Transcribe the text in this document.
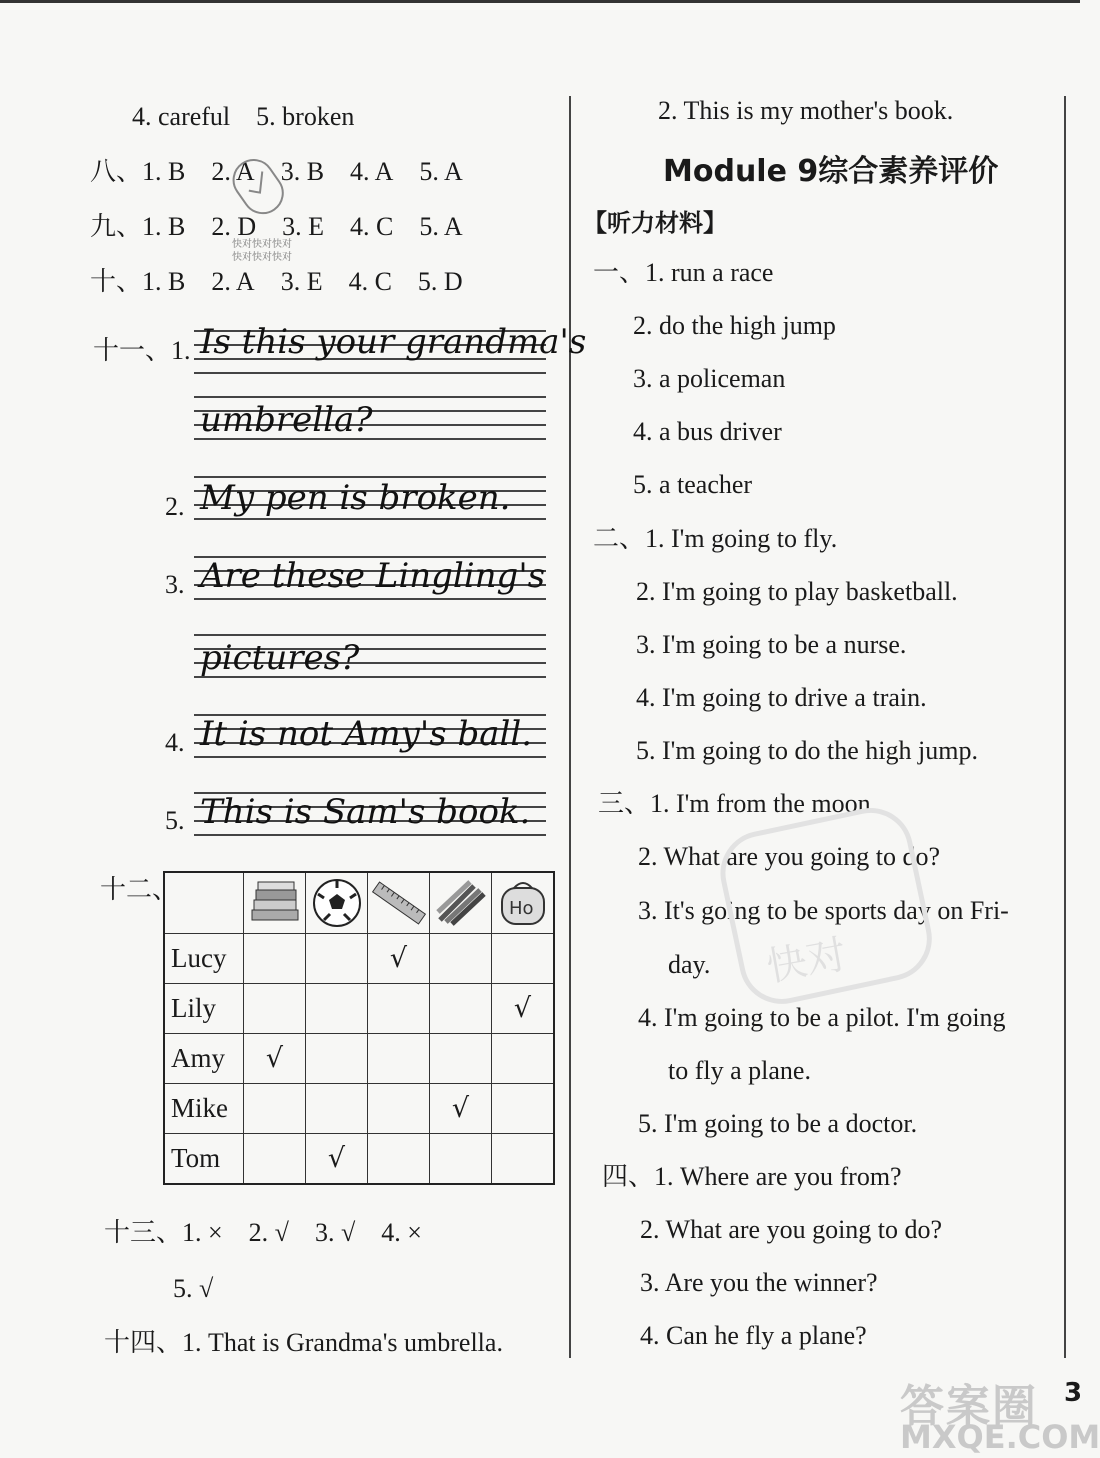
4. careful 5. broken
八、1. B 2. A 3. B 4. A 5. A
九、1. B 2. D 3. E 4. C 5. A
十、1. B 2. A 3. E 4. C 5. D
快对快对快对
快对快对快对
十一、1. Is this your grandma's
umbrella?
2. My pen is broken.
3. Are these Lingling's
pictures?
4. It is not Amy's ball.
5. This is Sam's book.
十二、

Ho

Lucy			√		
Lily					√
Amy	√				
Mike				√	
Tom		√			
十三、1. × 2. √ 3. √ 4. ×
5. √
十四、1. That is Grandma's umbrella.
2. This is my mother's book.
Module 9综合素养评价
【听力材料】
一、1. run a race
2. do the high jump
3. a policeman
4. a bus driver
5. a teacher
二、1. I'm going to fly.
2. I'm going to play basketball.
3. I'm going to be a nurse.
4. I'm going to drive a train.
5. I'm going to do the high jump.
三、1. I'm from the moon.
2. What are you going to do?
3. It's going to be sports day on Fri-
day.
4. I'm going to be a pilot. I'm going
to fly a plane.
5. I'm going to be a doctor.
四、1. Where are you from?
2. What are you going to do?
3. Are you the winner?
4. Can he fly a plane?
快对
答案圈
MXQE.COM
3
